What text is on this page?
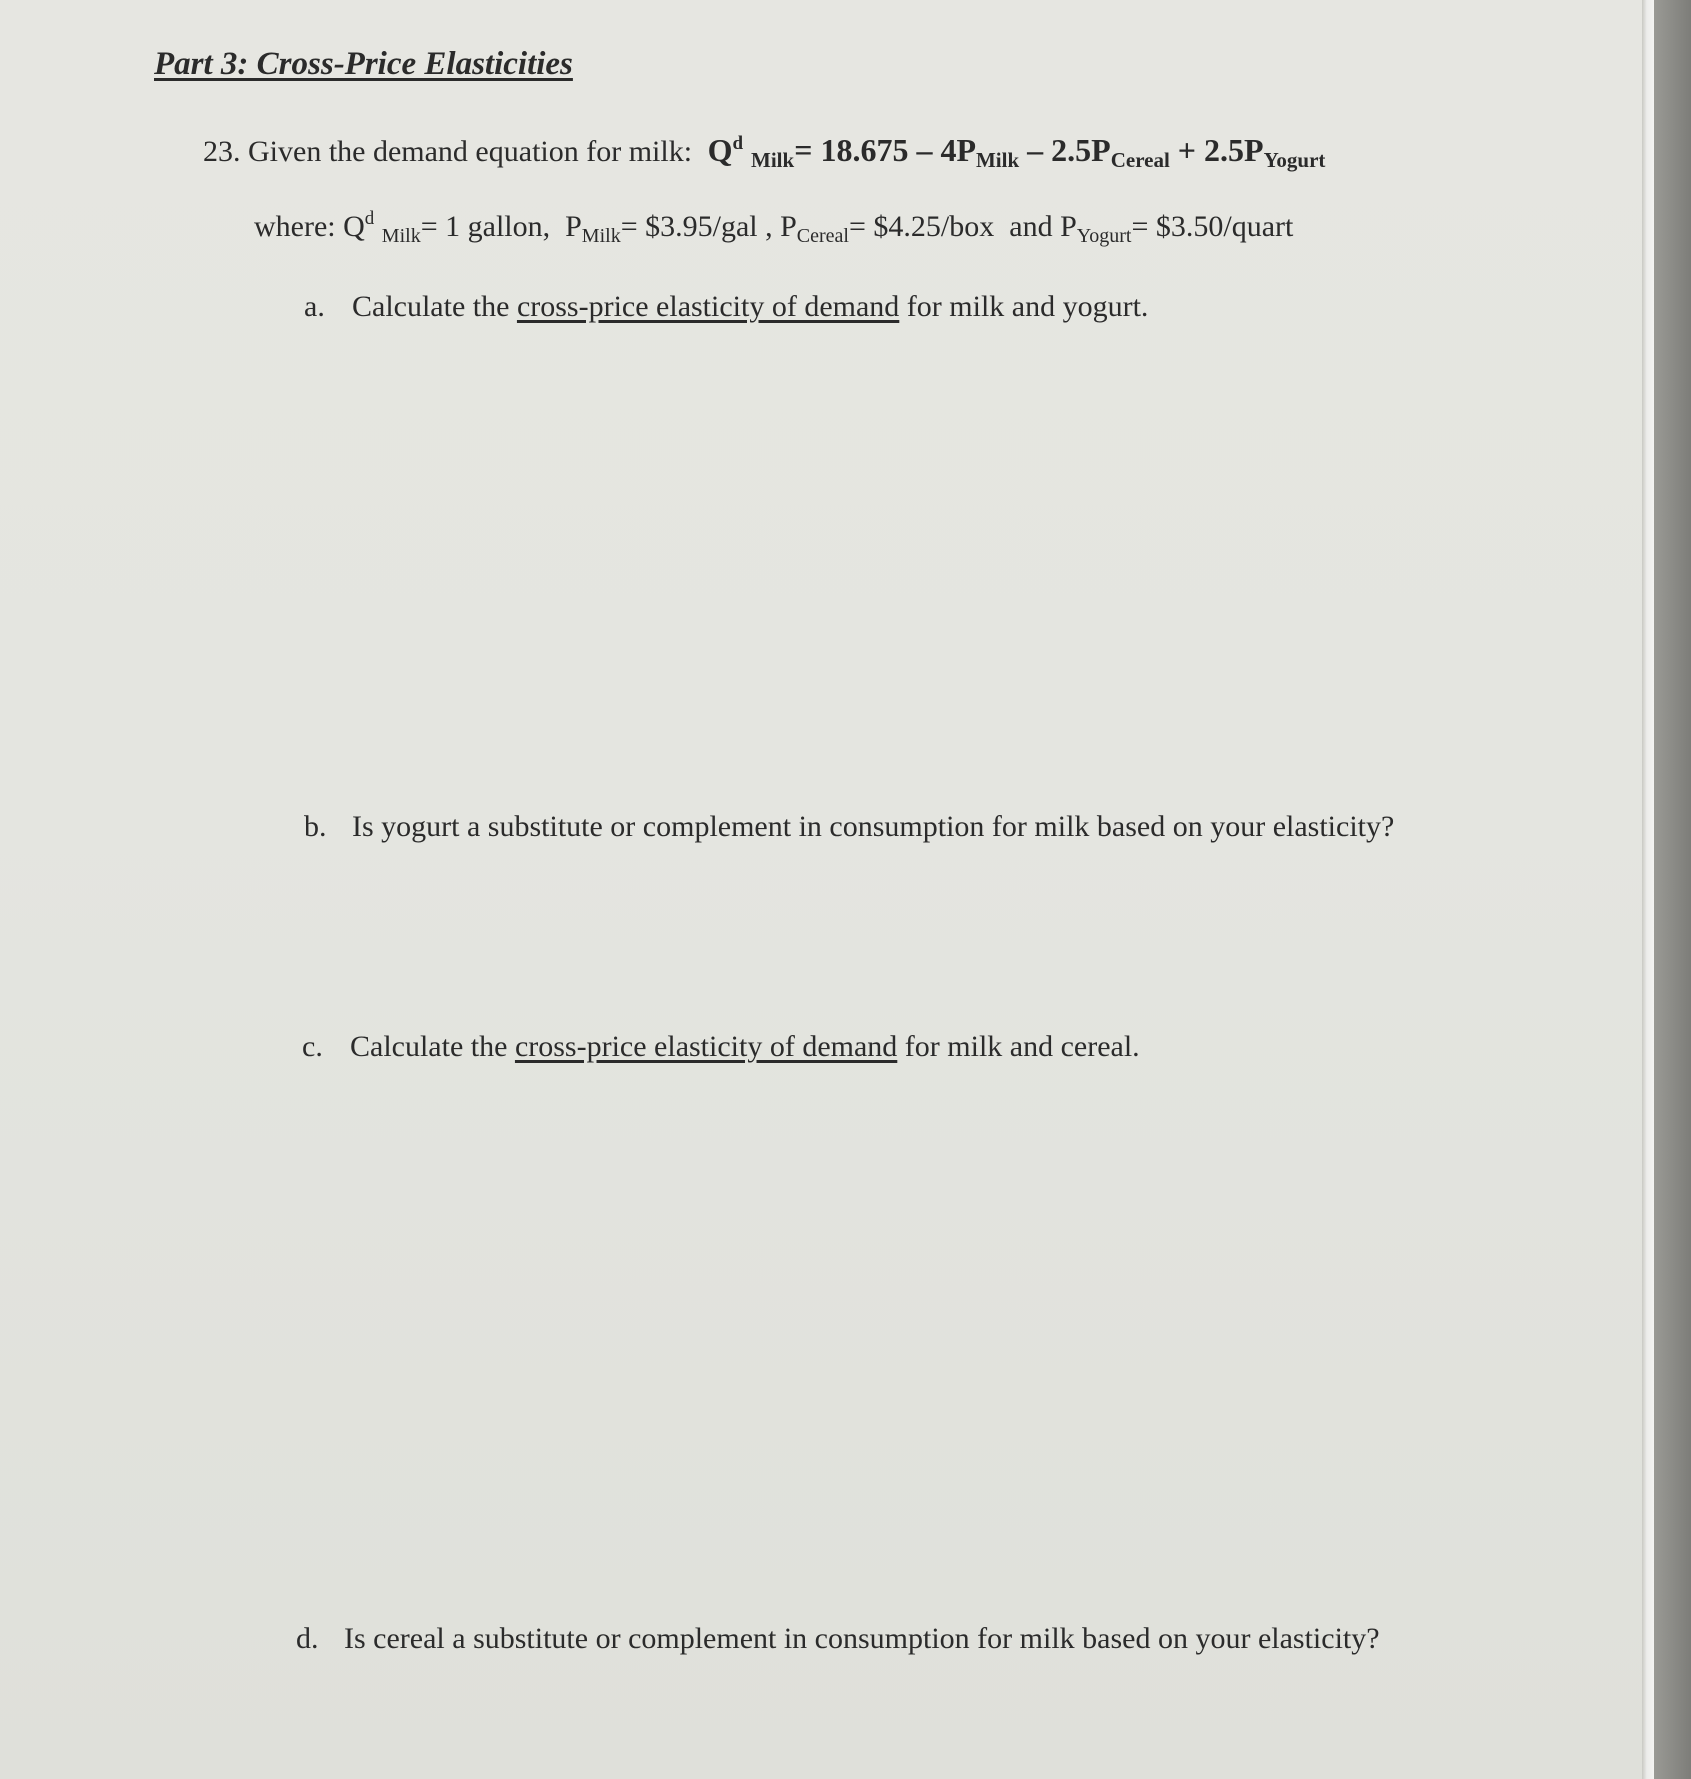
Part 3: Cross-Price Elasticities
23. Given the demand equation for milk: $Q^d$ Milk= 18.675 – 4PMilk – 2.5PCereal + 2.5PYogurt
where: $Q^d$ $_{Milk}$= 1 gallon, $P_{Milk}=$ $3.95/gal , $P_{Cereal}=$ $4.25/box and $P_{Yogurt}=$ $3.50/quart
a. Calculate the cross-price elasticity of demand for milk and yogurt.
b. Is yogurt a substitute or complement in consumption for milk based on your elasticity?
c. Calculate the cross-price elasticity of demand for milk and cereal.
d. Is cereal a substitute or complement in consumption for milk based on your elasticity?
